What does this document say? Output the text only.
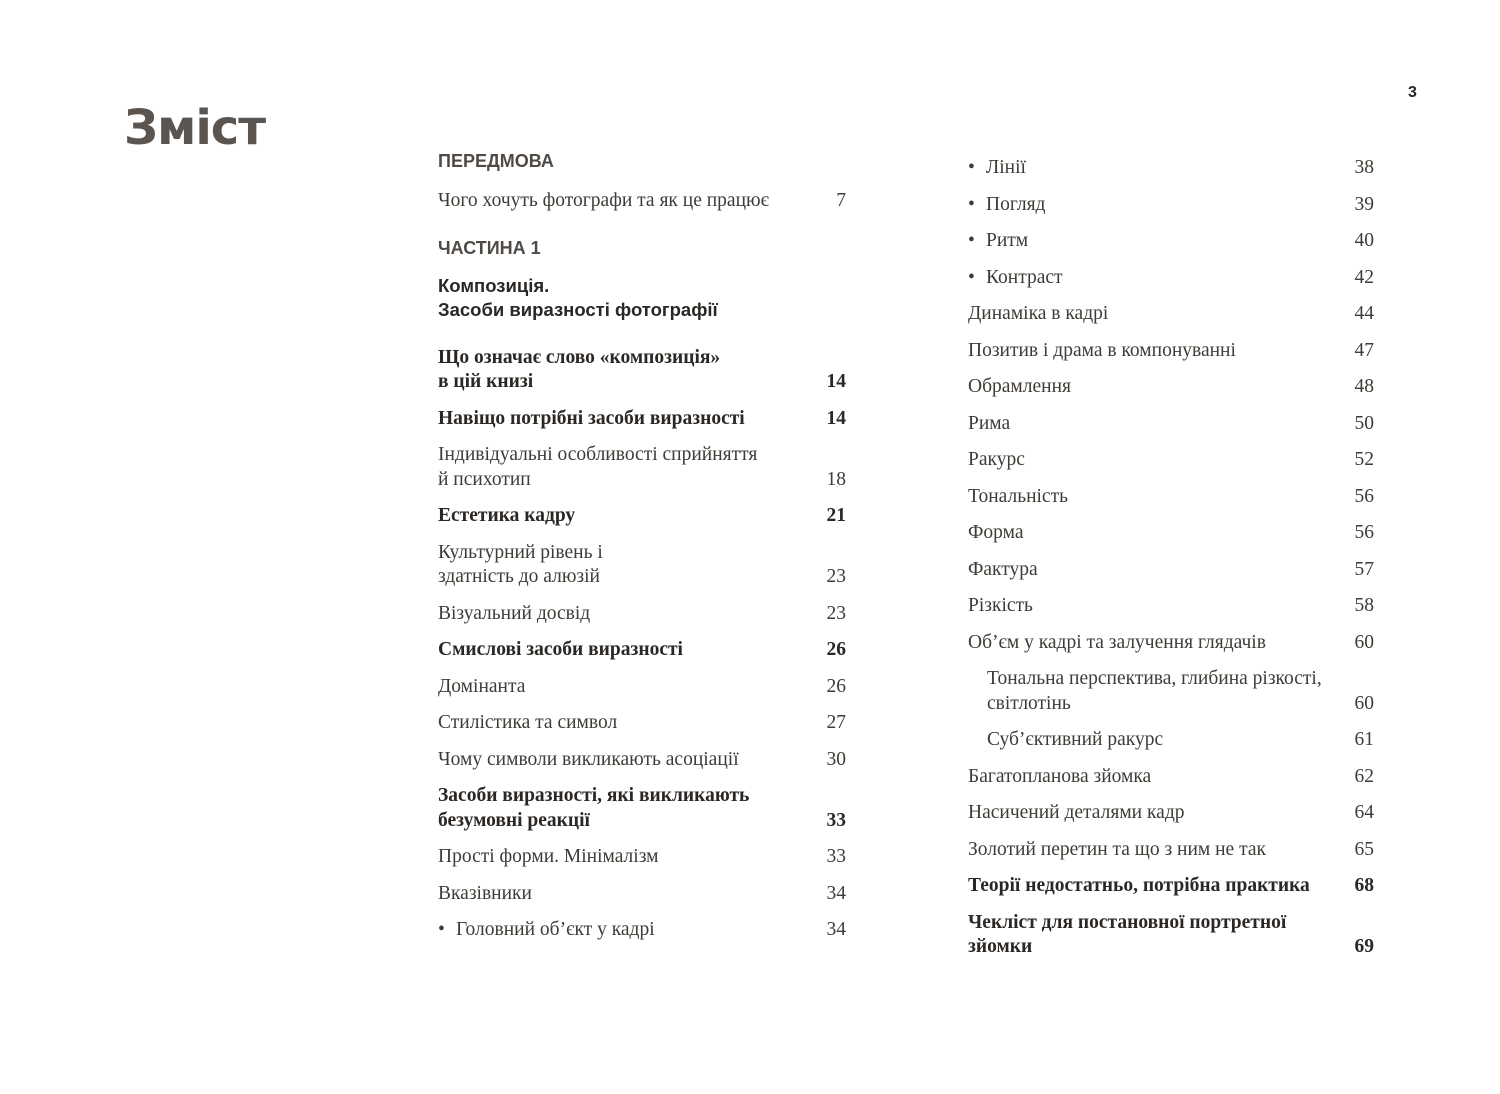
3
Зміст
ПЕРЕДМОВА
Чого хочуть фотографи та як це працює	7
ЧАСТИНА 1
Композиція.
Засоби виразності фотографії
Що означає слово «композиція»
в цій книзі	14
Навіщо потрібні засоби виразності	14
Індивідуальні особливості сприйняття
й психотип	18
Естетика кадру	21
Культурний рівень і
здатність до алюзій	23
Візуальний досвід	23
Смислові засоби виразності	26
Домінанта	26
Стилістика та символ	27
Чому символи викликають асоціації	30
Засоби виразності, які викликають
безумовні реакції	33
Прості форми. Мінімалізм	33
Вказівники	34
• Головний об’єкт у кадрі	34
• Лінії	38
• Погляд	39
• Ритм	40
• Контраст	42
Динаміка в кадрі	44
Позитив і драма в компонуванні	47
Обрамлення	48
Рима	50
Ракурс	52
Тональність	56
Форма	56
Фактура	57
Різкість	58
Об’єм у кадрі та залучення глядачів	60
Тональна перспектива, глибина різкості,
світлотінь	60
Суб’єктивний ракурс	61
Багатопланова зйомка	62
Насичений деталями кадр	64
Золотий перетин та що з ним не так	65
Теорії недостатньо, потрібна практика	68
Чекліст для постановної портретної
зйомки	69
